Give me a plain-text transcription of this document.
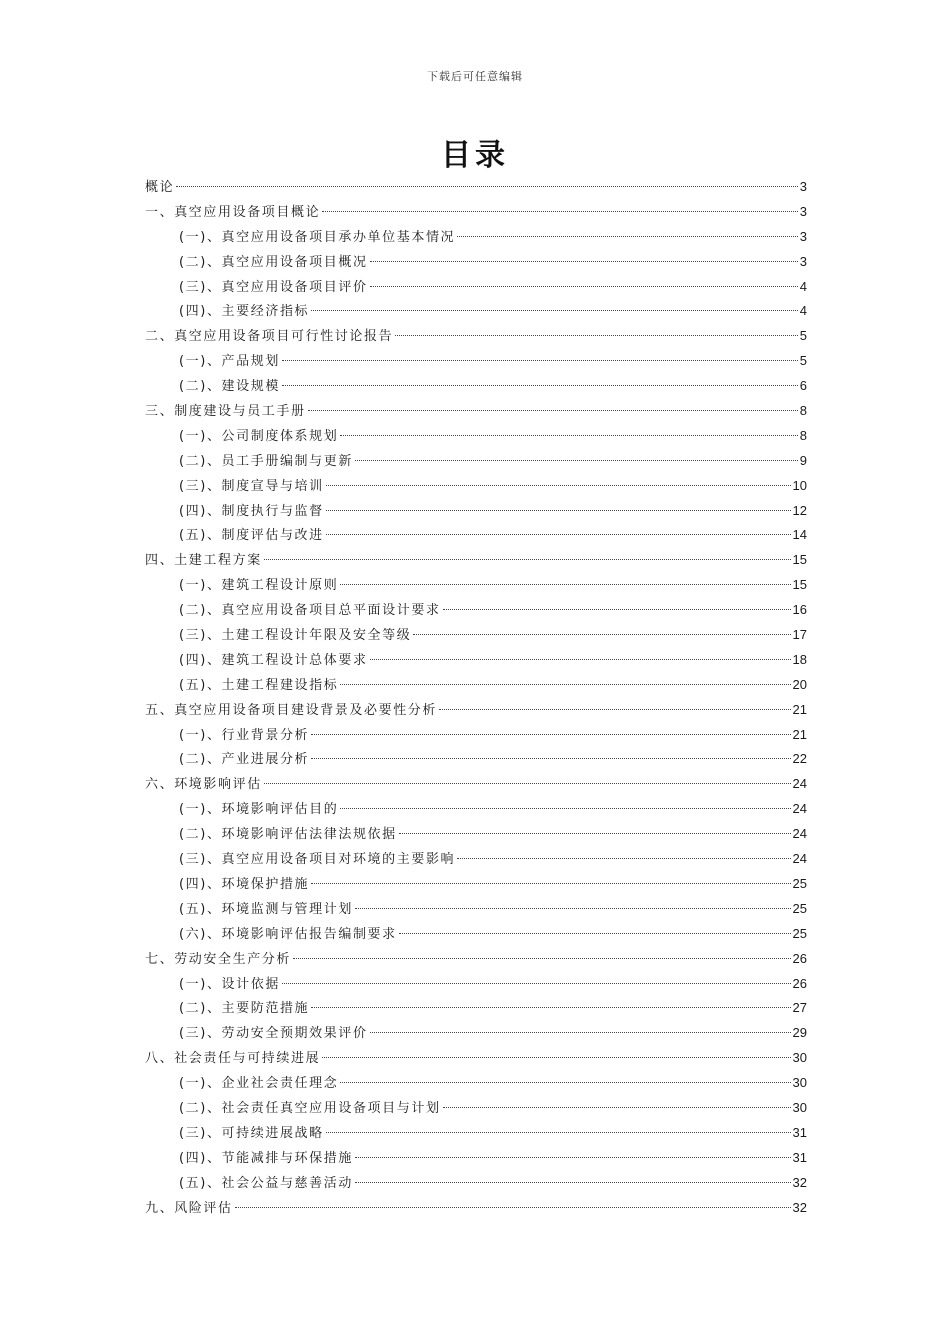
下载后可任意编辑
目录
概论	3
一、真空应用设备项目概论	3
(一)、真空应用设备项目承办单位基本情况	3
(二)、真空应用设备项目概况	3
(三)、真空应用设备项目评价	4
(四)、主要经济指标	4
二、真空应用设备项目可行性讨论报告	5
(一)、产品规划	5
(二)、建设规模	6
三、制度建设与员工手册	8
(一)、公司制度体系规划	8
(二)、员工手册编制与更新	9
(三)、制度宣导与培训	10
(四)、制度执行与监督	12
(五)、制度评估与改进	14
四、土建工程方案	15
(一)、建筑工程设计原则	15
(二)、真空应用设备项目总平面设计要求	16
(三)、土建工程设计年限及安全等级	17
(四)、建筑工程设计总体要求	18
(五)、土建工程建设指标	20
五、真空应用设备项目建设背景及必要性分析	21
(一)、行业背景分析	21
(二)、产业进展分析	22
六、环境影响评估	24
(一)、环境影响评估目的	24
(二)、环境影响评估法律法规依据	24
(三)、真空应用设备项目对环境的主要影响	24
(四)、环境保护措施	25
(五)、环境监测与管理计划	25
(六)、环境影响评估报告编制要求	25
七、劳动安全生产分析	26
(一)、设计依据	26
(二)、主要防范措施	27
(三)、劳动安全预期效果评价	29
八、社会责任与可持续进展	30
(一)、企业社会责任理念	30
(二)、社会责任真空应用设备项目与计划	30
(三)、可持续进展战略	31
(四)、节能减排与环保措施	31
(五)、社会公益与慈善活动	32
九、风险评估	32
